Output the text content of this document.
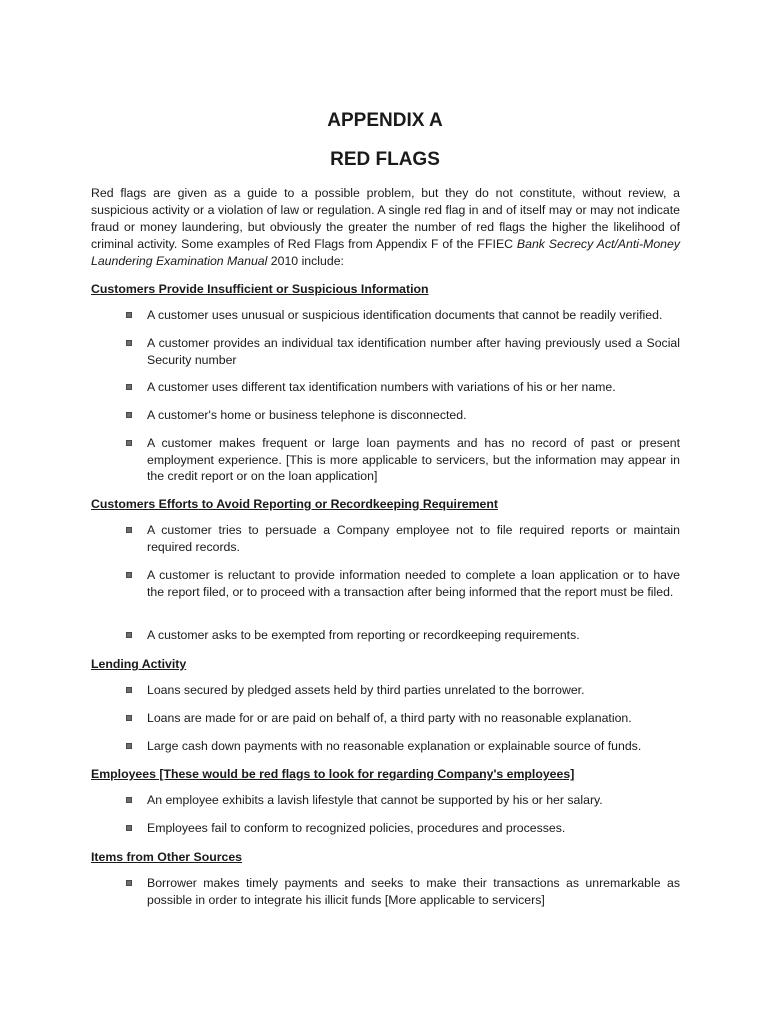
APPENDIX A
RED FLAGS
Red flags are given as a guide to a possible problem, but they do not constitute, without review, a suspicious activity or a violation of law or regulation. A single red flag in and of itself may or may not indicate fraud or money laundering, but obviously the greater the number of red flags the higher the likelihood of criminal activity. Some examples of Red Flags from Appendix F of the FFIEC Bank Secrecy Act/Anti-Money Laundering Examination Manual 2010 include:
Customers Provide Insufficient or Suspicious Information
A customer uses unusual or suspicious identification documents that cannot be readily verified.
A customer provides an individual tax identification number after having previously used a Social Security number
A customer uses different tax identification numbers with variations of his or her name.
A customer's home or business telephone is disconnected.
A customer makes frequent or large loan payments and has no record of past or present employment experience. [This is more applicable to servicers, but the information may appear in the credit report or on the loan application]
Customers Efforts to Avoid Reporting or Recordkeeping Requirement
A customer tries to persuade a Company employee not to file required reports or maintain required records.
A customer is reluctant to provide information needed to complete a loan application or to have the report filed, or to proceed with a transaction after being informed that the report must be filed.
A customer asks to be exempted from reporting or recordkeeping requirements.
Lending Activity
Loans secured by pledged assets held by third parties unrelated to the borrower.
Loans are made for or are paid on behalf of, a third party with no reasonable explanation.
Large cash down payments with no reasonable explanation or explainable source of funds.
Employees [These would be red flags to look for regarding Company's employees]
An employee exhibits a lavish lifestyle that cannot be supported by his or her salary.
Employees fail to conform to recognized policies, procedures and processes.
Items from Other Sources
Borrower makes timely payments and seeks to make their transactions as unremarkable as possible in order to integrate his illicit funds [More applicable to servicers]
